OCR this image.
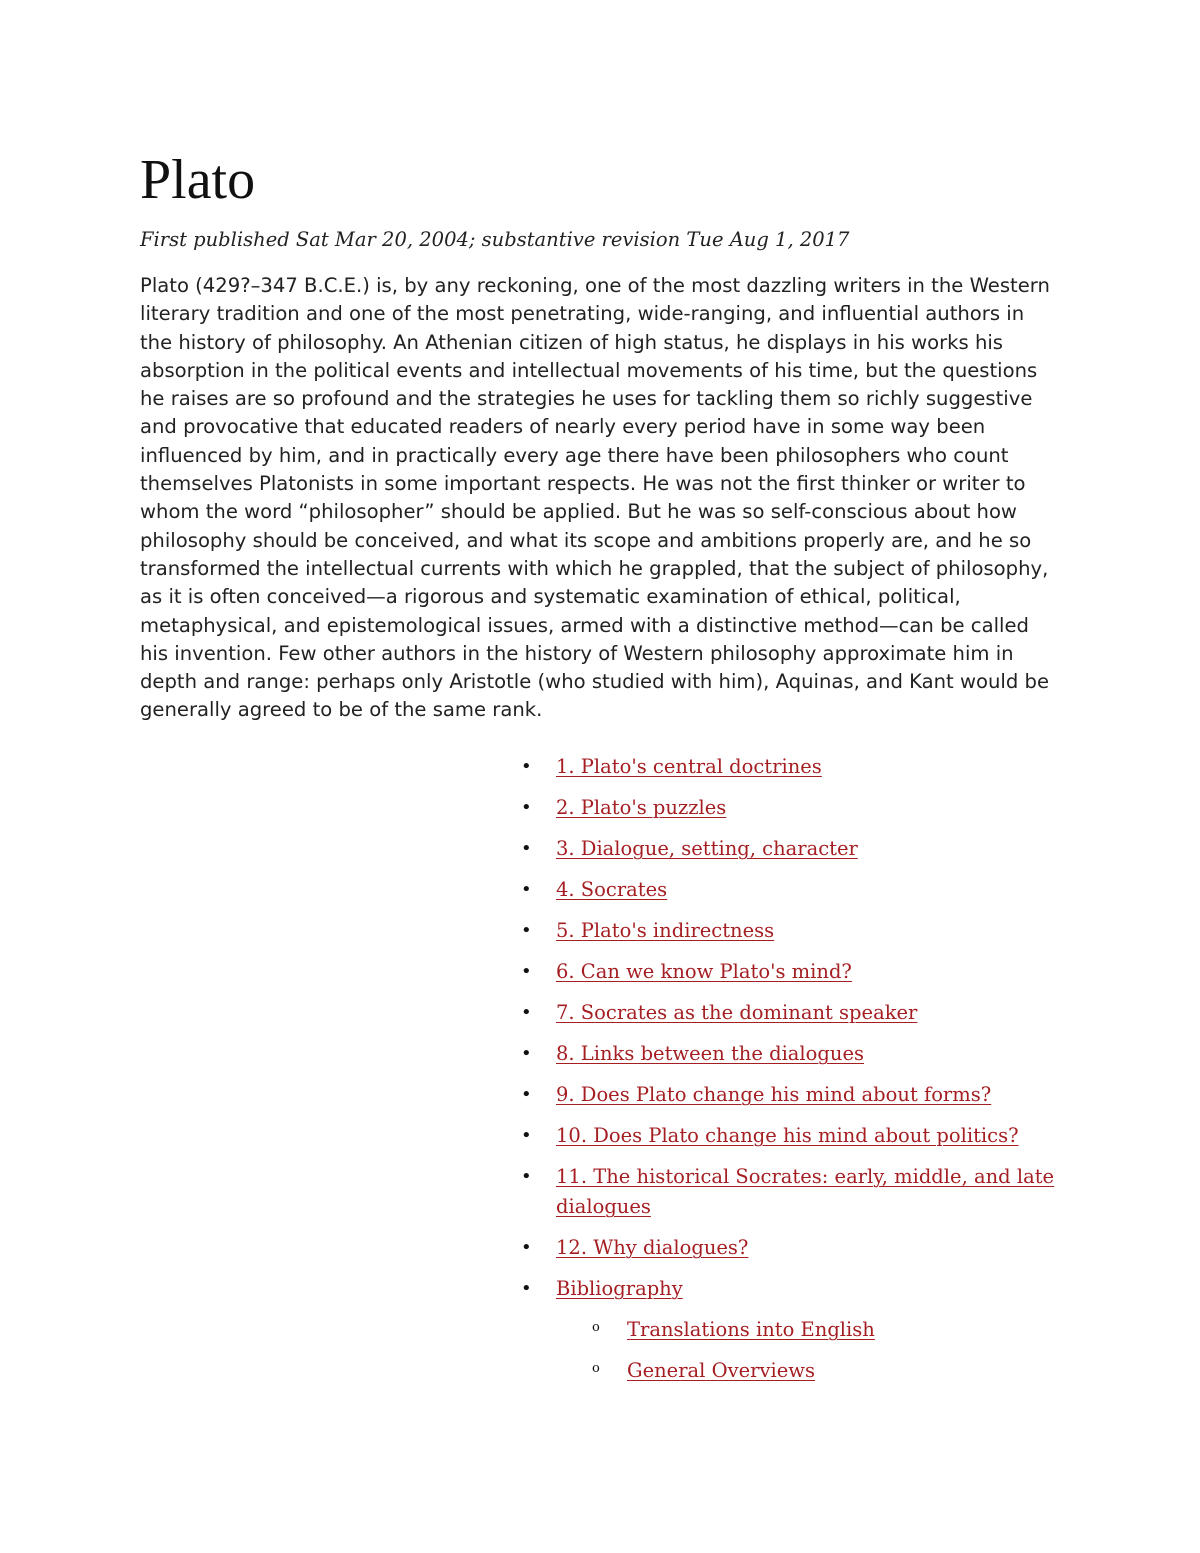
Plato

First published Sat Mar 20, 2004; substantive revision Tue Aug 1, 2017

Plato (429?–347 B.C.E.) is, by any reckoning, one of the most dazzling writers in the Western literary tradition and one of the most penetrating, wide-ranging, and influential authors in the history of philosophy. An Athenian citizen of high status, he displays in his works his absorption in the political events and intellectual movements of his time, but the questions he raises are so profound and the strategies he uses for tackling them so richly suggestive and provocative that educated readers of nearly every period have in some way been influenced by him, and in practically every age there have been philosophers who count themselves Platonists in some important respects. He was not the first thinker or writer to whom the word “philosopher” should be applied. But he was so self-conscious about how philosophy should be conceived, and what its scope and ambitions properly are, and he so transformed the intellectual currents with which he grappled, that the subject of philosophy, as it is often conceived—a rigorous and systematic examination of ethical, political, metaphysical, and epistemological issues, armed with a distinctive method—can be called his invention. Few other authors in the history of Western philosophy approximate him in depth and range: perhaps only Aristotle (who studied with him), Aquinas, and Kant would be generally agreed to be of the same rank.

•	1. Plato's central doctrines
•	2. Plato's puzzles
•	3. Dialogue, setting, character
•	4. Socrates
•	5. Plato's indirectness
•	6. Can we know Plato's mind?
•	7. Socrates as the dominant speaker
•	8. Links between the dialogues
•	9. Does Plato change his mind about forms?
•	10. Does Plato change his mind about politics?
•	11. The historical Socrates: early, middle, and late dialogues
•	12. Why dialogues?
•	Bibliography
o	Translations into English
o	General Overviews
